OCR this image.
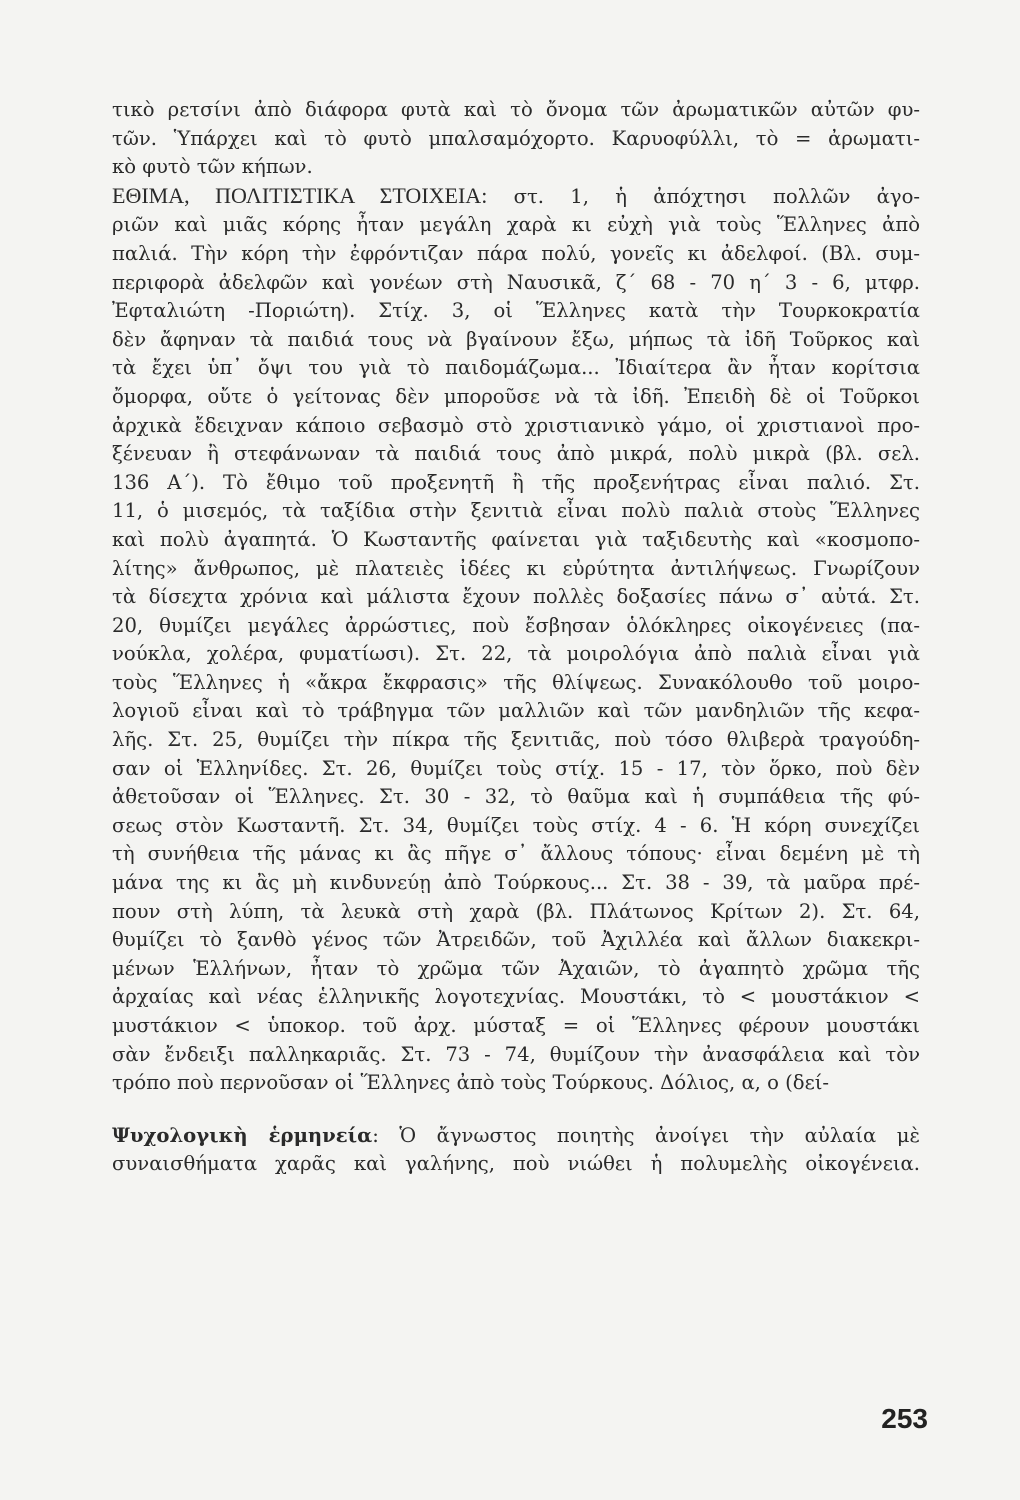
τικὸ ρετσίνι ἀπὸ διάφορα φυτὰ καὶ τὸ ὄνομα τῶν ἀρωματικῶν αὐτῶν φυ-
τῶν. Ὑπάρχει καὶ τὸ φυτὸ μπαλσαμόχορτο. Καρυοφύλλι, τὸ = ἀρωματι-
κὸ φυτὸ τῶν κήπων.
ΕΘΙΜΑ, ΠΟΛΙΤΙΣΤΙΚΑ ΣΤΟΙΧΕΙΑ: στ. 1, ἡ ἀπόχτησι πολλῶν ἀγο-
ριῶν καὶ μιᾶς κόρης ἦταν μεγάλη χαρὰ κι εὐχὴ γιὰ τοὺς Ἕλληνες ἀπὸ
παλιά. Τὴν κόρη τὴν ἐφρόντιζαν πάρα πολύ, γονεῖς κι ἀδελφοί. (Βλ. συμ-
περιφορὰ ἀδελφῶν καὶ γονέων στὴ Ναυσικᾶ, ζ΄ 68 - 70 η΄ 3 - 6, μτφρ.
Ἐφταλιώτη -Ποριώτη). Στίχ. 3, οἱ Ἕλληνες κατὰ τὴν Τουρκοκρατία
δὲν ἄφηναν τὰ παιδιά τους νὰ βγαίνουν ἔξω, μήπως τὰ ἰδῆ Τοῦρκος καὶ
τὰ ἔχει ὑπ᾽ ὄψι του γιὰ τὸ παιδομάζωμα... Ἰδιαίτερα ἂν ἦταν κορίτσια
ὄμορφα, οὔτε ὁ γείτονας δὲν μποροῦσε νὰ τὰ ἰδῆ. Ἐπειδὴ δὲ οἱ Τοῦρκοι
ἀρχικὰ ἔδειχναν κάποιο σεβασμὸ στὸ χριστιανικὸ γάμο, οἱ χριστιανοὶ προ-
ξένευαν ἢ στεφάνωναν τὰ παιδιά τους ἀπὸ μικρά, πολὺ μικρὰ (βλ. σελ.
136 Α΄). Τὸ ἔθιμο τοῦ προξενητῆ ἢ τῆς προξενήτρας εἶναι παλιό. Στ.
11, ὁ μισεμός, τὰ ταξίδια στὴν ξενιτιὰ εἶναι πολὺ παλιὰ στοὺς Ἕλληνες
καὶ πολὺ ἀγαπητά. Ὁ Κωσταντῆς φαίνεται γιὰ ταξιδευτὴς καὶ «κοσμοπο-
λίτης» ἄνθρωπος, μὲ πλατειὲς ἰδέες κι εὐρύτητα ἀντιλήψεως. Γνωρίζουν
τὰ δίσεχτα χρόνια καὶ μάλιστα ἔχουν πολλὲς δοξασίες πάνω σ᾽ αὐτά. Στ.
20, θυμίζει μεγάλες ἀρρώστιες, ποὺ ἔσβησαν ὁλόκληρες οἰκογένειες (πα-
νούκλα, χολέρα, φυματίωσι). Στ. 22, τὰ μοιρολόγια ἀπὸ παλιὰ εἶναι γιὰ
τοὺς Ἕλληνες ἡ «ἄκρα ἔκφρασις» τῆς θλίψεως. Συνακόλουθο τοῦ μοιρο-
λογιοῦ εἶναι καὶ τὸ τράβηγμα τῶν μαλλιῶν καὶ τῶν μανδηλιῶν τῆς κεφα-
λῆς. Στ. 25, θυμίζει τὴν πίκρα τῆς ξενιτιᾶς, ποὺ τόσο θλιβερὰ τραγούδη-
σαν οἱ Ἑλληνίδες. Στ. 26, θυμίζει τοὺς στίχ. 15 - 17, τὸν ὅρκο, ποὺ δὲν
ἀθετοῦσαν οἱ Ἕλληνες. Στ. 30 - 32, τὸ θαῦμα καὶ ἡ συμπάθεια τῆς φύ-
σεως στὸν Κωσταντῆ. Στ. 34, θυμίζει τοὺς στίχ. 4 - 6. Ἡ κόρη συνεχίζει
τὴ συνήθεια τῆς μάνας κι ἂς πῆγε σ᾽ ἄλλους τόπους· εἶναι δεμένη μὲ τὴ
μάνα της κι ἂς μὴ κινδυνεύῃ ἀπὸ Τούρκους... Στ. 38 - 39, τὰ μαῦρα πρέ-
πουν στὴ λύπη, τὰ λευκὰ στὴ χαρὰ (βλ. Πλάτωνος Κρίτων 2). Στ. 64,
θυμίζει τὸ ξανθὸ γένος τῶν Ἀτρειδῶν, τοῦ Ἀχιλλέα καὶ ἄλλων διακεκρι-
μένων Ἑλλήνων, ἦταν τὸ χρῶμα τῶν Ἀχαιῶν, τὸ ἀγαπητὸ χρῶμα τῆς
ἀρχαίας καὶ νέας ἑλληνικῆς λογοτεχνίας. Μουστάκι, τὸ < μουστάκιον <
μυστάκιον < ὑποκορ. τοῦ ἀρχ. μύσταξ = οἱ Ἕλληνες φέρουν μουστάκι
σὰν ἔνδειξι παλληκαριᾶς. Στ. 73 - 74, θυμίζουν τὴν ἀνασφάλεια καὶ τὸν
τρόπο ποὺ περνοῦσαν οἱ Ἕλληνες ἀπὸ τοὺς Τούρκους. Δόλιος, α, ο (δεί-
Ψυχολογικὴ ἑρμηνεία: Ὁ ἄγνωστος ποιητὴς ἀνοίγει τὴν αὐλαία μὲ
συναισθήματα χαρᾶς καὶ γαλήνης, ποὺ νιώθει ἡ πολυμελὴς οἰκογένεια.
253
